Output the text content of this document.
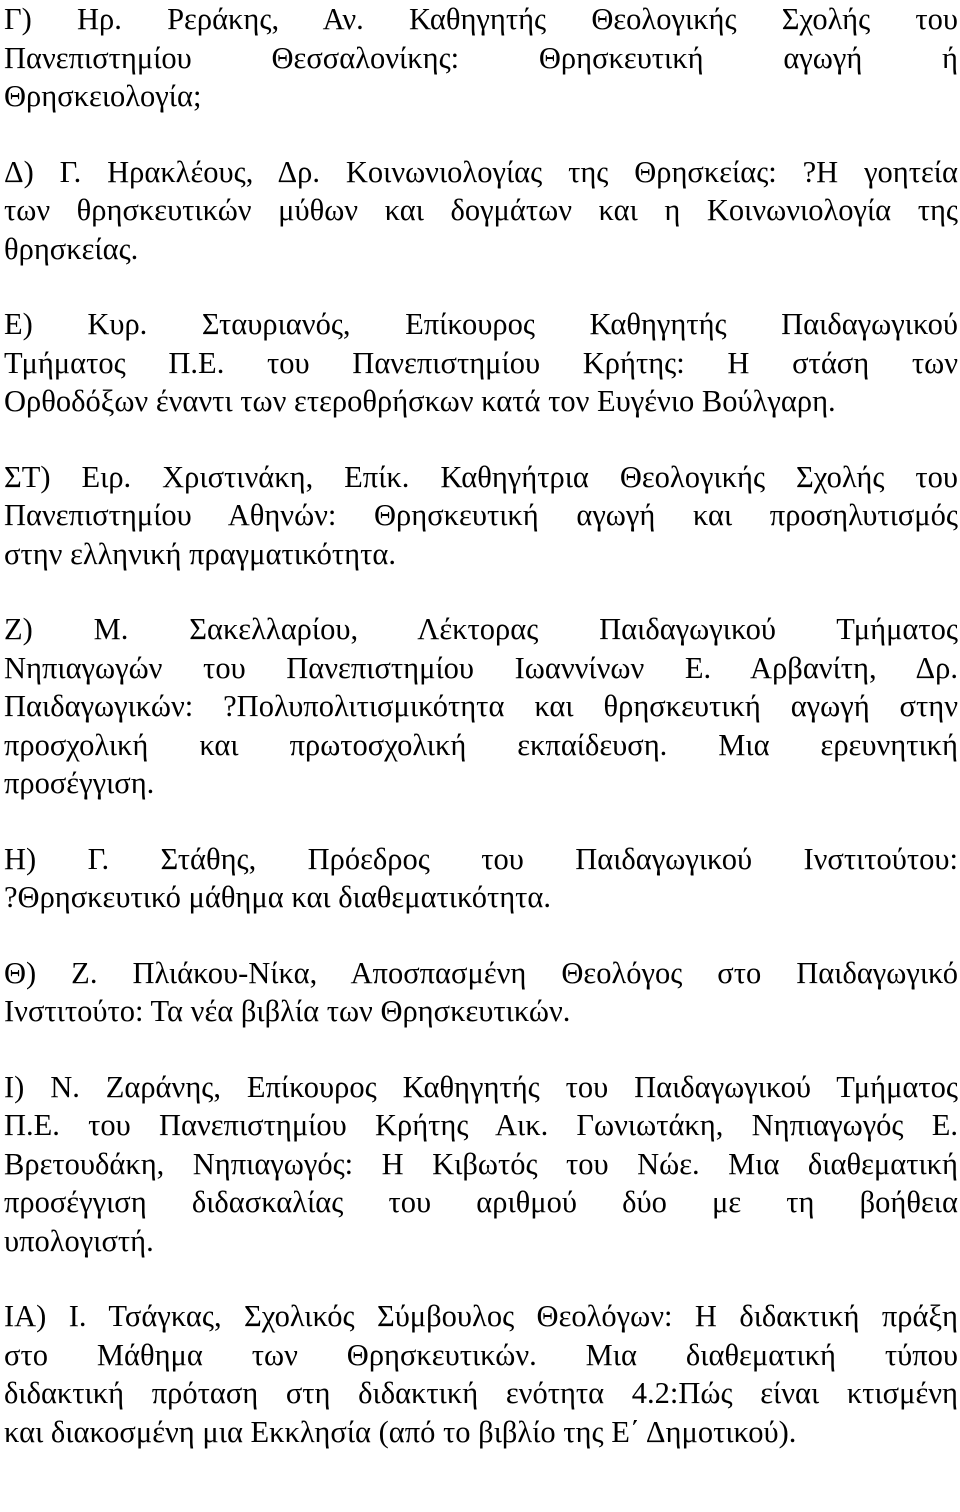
Γ) Ηρ. Ρεράκης, Αν. Καθηγητής Θεολογικής Σχολής του
Πανεπιστημίου Θεσσαλονίκης: Θρησκευτική αγωγή ή
Θρησκειολογία;
Δ) Γ. Ηρακλέους, Δρ. Κοινωνιολογίας της Θρησκείας: ?Η γοητεία
των θρησκευτικών μύθων και δογμάτων και η Κοινωνιολογία της
θρησκείας.
Ε) Κυρ. Σταυριανός, Επίκουρος Καθηγητής Παιδαγωγικού
Τμήματος Π.Ε. του Πανεπιστημίου Κρήτης: Η στάση των
Ορθοδόξων έναντι των ετεροθρήσκων κατά τον Ευγένιο Βούλγαρη.
ΣΤ) Ειρ. Χριστινάκη, Επίκ. Καθηγήτρια Θεολογικής Σχολής του
Πανεπιστημίου Αθηνών: Θρησκευτική αγωγή και προσηλυτισμός
στην ελληνική πραγματικότητα.
Ζ) Μ. Σακελλαρίου, Λέκτορας Παιδαγωγικού Τμήματος
Νηπιαγωγών του Πανεπιστημίου Ιωαννίνων Ε. Αρβανίτη, Δρ.
Παιδαγωγικών: ?Πολυπολιτισμικότητα και θρησκευτική αγωγή στην
προσχολική και πρωτοσχολική εκπαίδευση. Μια ερευνητική
προσέγγιση.
Η) Γ. Στάθης, Πρόεδρος του Παιδαγωγικού Ινστιτούτου:
?Θρησκευτικό μάθημα και διαθεματικότητα.
Θ) Ζ. Πλιάκου-Νίκα, Αποσπασμένη Θεολόγος στο Παιδαγωγικό
Ινστιτούτο: Τα νέα βιβλία των Θρησκευτικών.
Ι) Ν. Ζαράνης, Επίκουρος Καθηγητής του Παιδαγωγικού Τμήματος
Π.Ε. του Πανεπιστημίου Κρήτης Αικ. Γωνιωτάκη, Νηπιαγωγός Ε.
Βρετουδάκη, Νηπιαγωγός: Η Κιβωτός του Νώε. Μια διαθεματική
προσέγγιση διδασκαλίας του αριθμού δύο με τη βοήθεια
υπολογιστή.
ΙΑ) Ι. Τσάγκας, Σχολικός Σύμβουλος Θεολόγων: Η διδακτική πράξη
στο Μάθημα των Θρησκευτικών. Μια διαθεματική τύπου
διδακτική πρόταση στη διδακτική ενότητα 4.2:Πώς είναι κτισμένη
και διακοσμένη μια Εκκλησία (από το βιβλίο της Ε΄ Δημοτικού).
